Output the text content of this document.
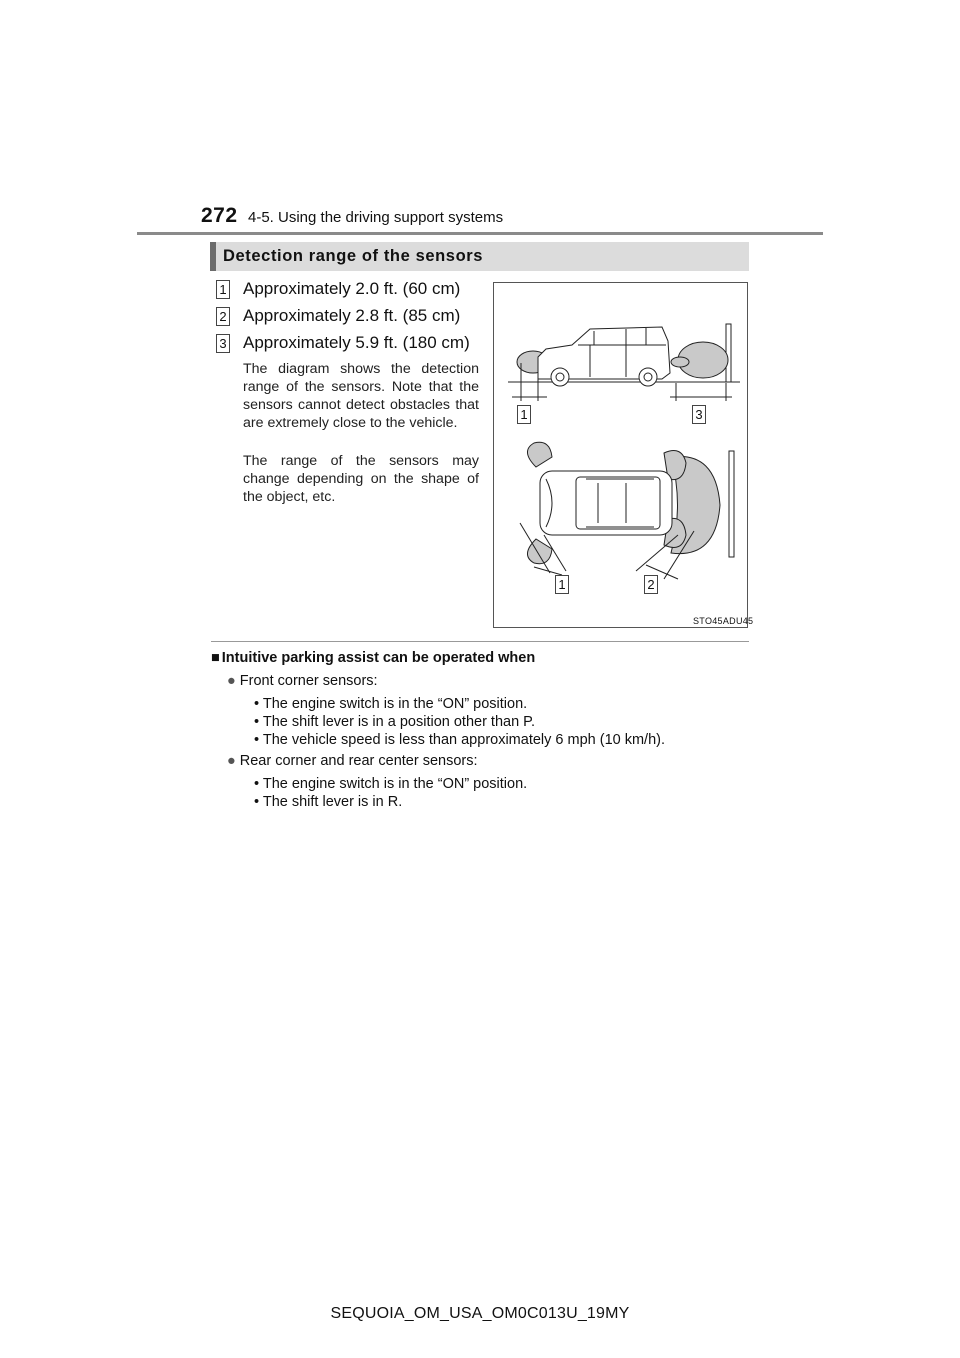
272 4-5. Using the driving support systems
Detection range of the sensors
1 Approximately 2.0 ft. (60 cm)
2 Approximately 2.8 ft. (85 cm)
3 Approximately 5.9 ft. (180 cm)
The diagram shows the detection range of the sensors. Note that the sensors cannot detect obstacles that are extremely close to the vehicle.
The range of the sensors may change depending on the shape of the object, etc.
1	3
1	2
STO45ADU45
■ Intuitive parking assist can be operated when
● Front corner sensors:
• The engine switch is in the “ON” position.
• The shift lever is in a position other than P.
• The vehicle speed is less than approximately 6 mph (10 km/h).
● Rear corner and rear center sensors:
• The engine switch is in the “ON” position.
• The shift lever is in R.
SEQUOIA_OM_USA_OM0C013U_19MY
